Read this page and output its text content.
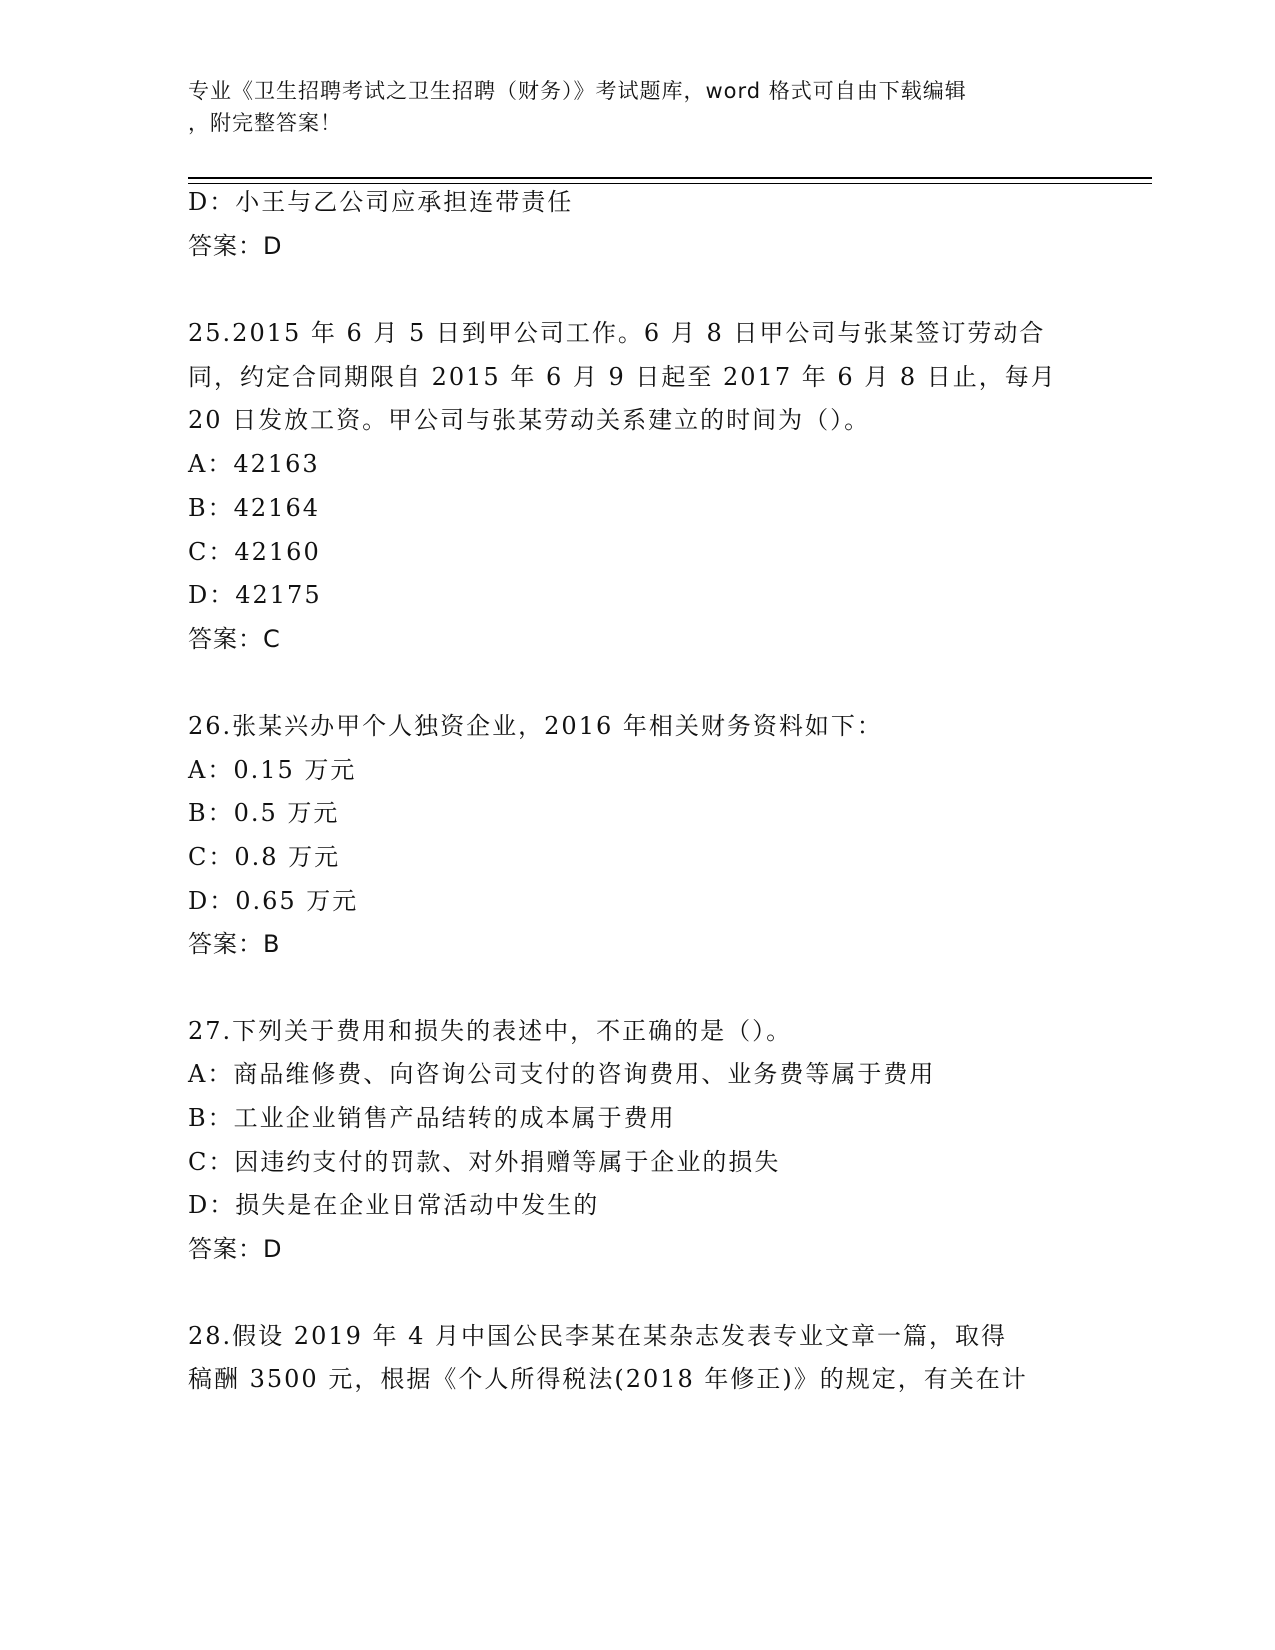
专业《卫生招聘考试之卫生招聘（财务）》考试题库，word 格式可自由下载编辑
，附完整答案！
D：小王与乙公司应承担连带责任
答案：D
25.2015 年 6 月 5 日到甲公司工作。6 月 8 日甲公司与张某签订劳动合
同，约定合同期限自 2015 年 6 月 9 日起至 2017 年 6 月 8 日止，每月
20 日发放工资。甲公司与张某劳动关系建立的时间为（）。
A：42163
B：42164
C：42160
D：42175
答案：C
26.张某兴办甲个人独资企业，2016 年相关财务资料如下：
A：0.15 万元
B：0.5 万元
C：0.8 万元
D：0.65 万元
答案：B
27.下列关于费用和损失的表述中，不正确的是（）。
A：商品维修费、向咨询公司支付的咨询费用、业务费等属于费用
B：工业企业销售产品结转的成本属于费用
C：因违约支付的罚款、对外捐赠等属于企业的损失
D：损失是在企业日常活动中发生的
答案：D
28.假设 2019 年 4 月中国公民李某在某杂志发表专业文章一篇，取得
稿酬 3500 元，根据《个人所得税法(2018 年修正)》的规定，有关在计
